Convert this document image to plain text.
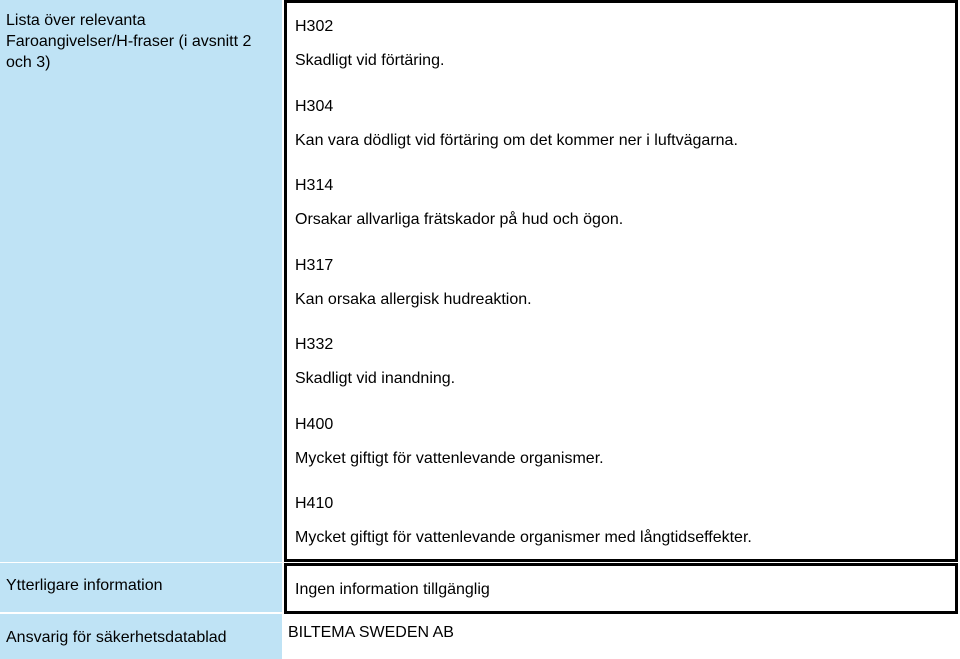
Lista över relevanta Faroangivelser/H-fraser (i avsnitt 2 och 3)
H302
Skadligt vid förtäring.
H304
Kan vara dödligt vid förtäring om det kommer ner i luftvägarna.
H314
Orsakar allvarliga frätskador på hud och ögon.
H317
Kan orsaka allergisk hudreaktion.
H332
Skadligt vid inandning.
H400
Mycket giftigt för vattenlevande organismer.
H410
Mycket giftigt för vattenlevande organismer med långtidseffekter.
Ytterligare information	Ingen information tillgänglig
Ansvarig för säkerhetsdatablad	BILTEMA SWEDEN AB
